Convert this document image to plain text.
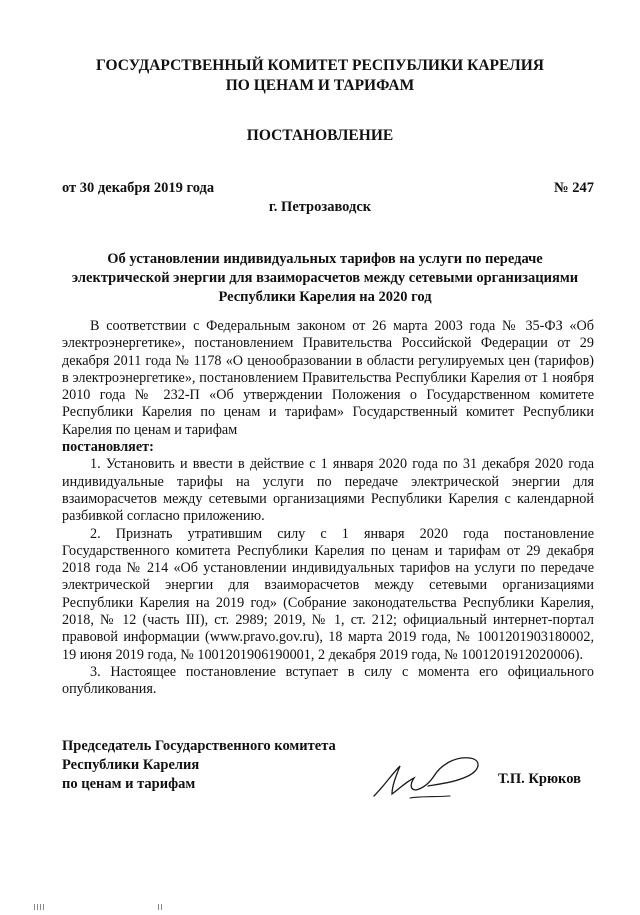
ГОСУДАРСТВЕННЫЙ КОМИТЕТ РЕСПУБЛИКИ КАРЕЛИЯ
ПО ЦЕНАМ И ТАРИФАМ
ПОСТАНОВЛЕНИЕ
от 30 декабря 2019 года	№ 247
г. Петрозаводск
Об установлении индивидуальных тарифов на услуги по передаче
электрической энергии для взаиморасчетов между сетевыми организациями
Республики Карелия на 2020 год

В соответствии с Федеральным законом от 26 марта 2003 года № 35-ФЗ «Об электроэнергетике», постановлением Правительства Российской Федерации от 29 декабря 2011 года № 1178 «О ценообразовании в области регулируемых цен (тарифов) в электроэнергетике», постановлением Правительства Республики Карелия от 1 ноября 2010 года № 232-П «Об утверждении Положения о Государственном комитете Республики Карелия по ценам и тарифам» Государственный комитет Республики Карелия по ценам и тарифам

постановляет:

1. Установить и ввести в действие с 1 января 2020 года по 31 декабря 2020 года индивидуальные тарифы на услуги по передаче электрической энергии для взаиморасчетов между сетевыми организациями Республики Карелия с календарной разбивкой согласно приложению.

2. Признать утратившим силу с 1 января 2020 года постановление Государственного комитета Республики Карелия по ценам и тарифам от 29 декабря 2018 года № 214 «Об установлении индивидуальных тарифов на услуги по передаче электрической энергии для взаиморасчетов между сетевыми организациями Республики Карелия на 2019 год» (Собрание законодательства Республики Карелия, 2018, № 12 (часть III), ст. 2989; 2019, № 1, ст. 212; официальный интернет-портал правовой информации (www.pravo.gov.ru), 18 марта 2019 года, № 1001201903180002, 19 июня 2019 года, № 1001201906190001, 2 декабря 2019 года, № 1001201912020006).

3. Настоящее постановление вступает в силу с момента его официального опубликования.

Председатель Государственного комитета
Республики Карелия
по ценам и тарифам	Т.П. Крюков
